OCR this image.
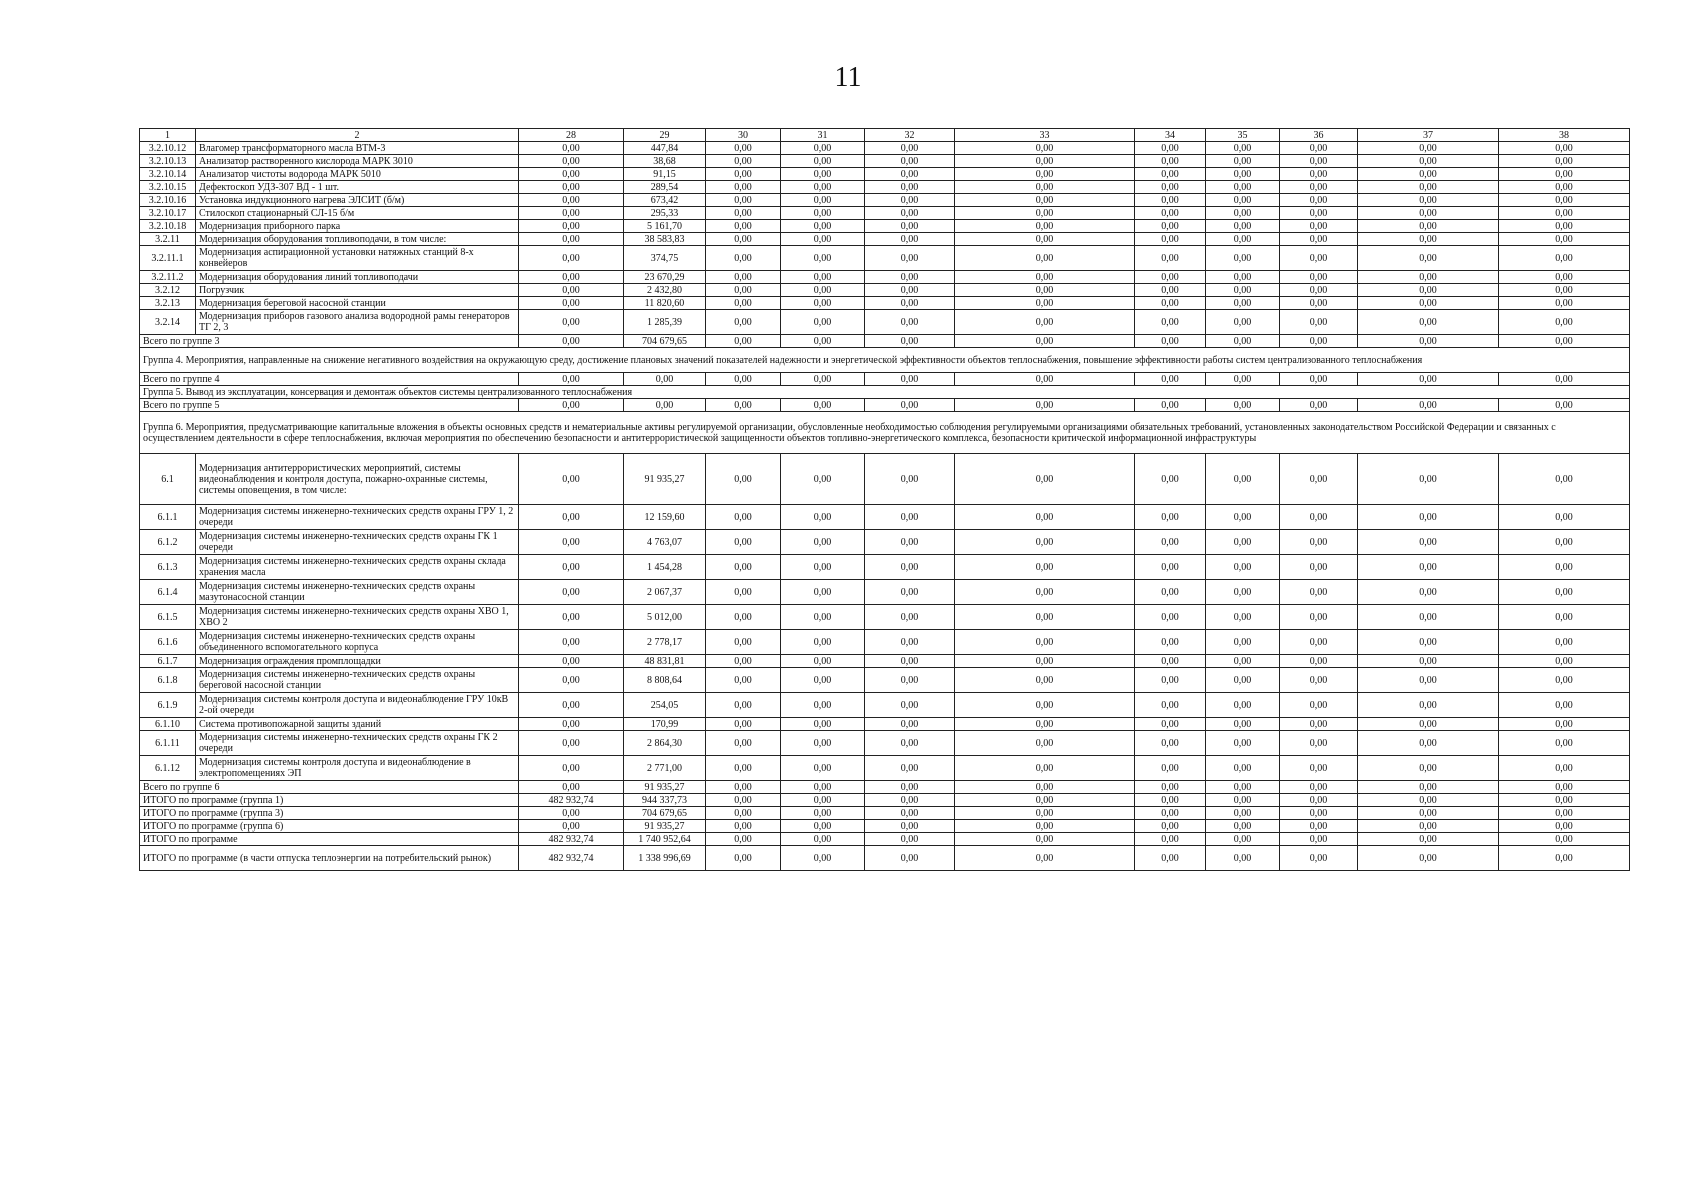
11
1	2	28	29	30	31	32	33	34	35	36	37	38
3.2.10.12	Влагомер трансформаторного масла ВТМ-3	0,00	447,84	0,00	0,00	0,00	0,00	0,00	0,00	0,00	0,00	0,00
3.2.10.13	Анализатор растворенного кислорода МАРК 3010	0,00	38,68	0,00	0,00	0,00	0,00	0,00	0,00	0,00	0,00	0,00
3.2.10.14	Анализатор чистоты водорода МАРК 5010	0,00	91,15	0,00	0,00	0,00	0,00	0,00	0,00	0,00	0,00	0,00
3.2.10.15	Дефектоскоп УДЗ-307 ВД - 1 шт.	0,00	289,54	0,00	0,00	0,00	0,00	0,00	0,00	0,00	0,00	0,00
3.2.10.16	Установка индукционного нагрева ЭЛСИТ (б/м)	0,00	673,42	0,00	0,00	0,00	0,00	0,00	0,00	0,00	0,00	0,00
3.2.10.17	Стилоскоп стационарный СЛ-15 б/м	0,00	295,33	0,00	0,00	0,00	0,00	0,00	0,00	0,00	0,00	0,00
3.2.10.18	Модернизация приборного парка	0,00	5 161,70	0,00	0,00	0,00	0,00	0,00	0,00	0,00	0,00	0,00
3.2.11	Модернизация оборудования топливоподачи, в том числе:	0,00	38 583,83	0,00	0,00	0,00	0,00	0,00	0,00	0,00	0,00	0,00
3.2.11.1	Модернизация аспирационной установки натяжных станций 8-х конвейеров	0,00	374,75	0,00	0,00	0,00	0,00	0,00	0,00	0,00	0,00	0,00
3.2.11.2	Модернизация оборудования линий топливоподачи	0,00	23 670,29	0,00	0,00	0,00	0,00	0,00	0,00	0,00	0,00	0,00
3.2.12	Погрузчик	0,00	2 432,80	0,00	0,00	0,00	0,00	0,00	0,00	0,00	0,00	0,00
3.2.13	Модернизация береговой насосной станции	0,00	11 820,60	0,00	0,00	0,00	0,00	0,00	0,00	0,00	0,00	0,00
3.2.14	Модернизация приборов газового анализа водородной рамы генераторов ТГ 2, 3	0,00	1 285,39	0,00	0,00	0,00	0,00	0,00	0,00	0,00	0,00	0,00
Всего по группе 3		0,00	704 679,65	0,00	0,00	0,00	0,00	0,00	0,00	0,00	0,00	0,00
Группа 4. Мероприятия, направленные на снижение негативного воздействия на окружающую среду, достижение плановых значений показателей надежности и энергетической эффективности объектов теплоснабжения, повышение эффективности работы систем централизованного теплоснабжения												
Всего по группе 4		0,00	0,00	0,00	0,00	0,00	0,00	0,00	0,00	0,00	0,00	0,00
Группа 5. Вывод из эксплуатации, консервация и демонтаж объектов системы централизованного теплоснабжения												
Всего по группе 5		0,00	0,00	0,00	0,00	0,00	0,00	0,00	0,00	0,00	0,00	0,00
Группа 6. Мероприятия, предусматривающие капитальные вложения в объекты основных средств и нематериальные активы регулируемой организации, обусловленные необходимостью соблюдения регулируемыми организациями обязательных требований, установленных законодательством Российской Федерации и связанных с осуществлением деятельности в сфере теплоснабжения, включая мероприятия по обеспечению безопасности и антитеррористической защищенности объектов топливно-энергетического комплекса, безопасности критической информационной инфраструктуры												
6.1	Модернизация антитеррористических мероприятий, системы видеонаблюдения и контроля доступа, пожарно-охранные системы, системы оповещения, в том числе:	0,00	91 935,27	0,00	0,00	0,00	0,00	0,00	0,00	0,00	0,00	0,00
6.1.1	Модернизация системы инженерно-технических средств охраны ГРУ 1, 2 очереди	0,00	12 159,60	0,00	0,00	0,00	0,00	0,00	0,00	0,00	0,00	0,00
6.1.2	Модернизация системы инженерно-технических средств охраны ГК 1 очереди	0,00	4 763,07	0,00	0,00	0,00	0,00	0,00	0,00	0,00	0,00	0,00
6.1.3	Модернизация системы инженерно-технических средств охраны склада хранения масла	0,00	1 454,28	0,00	0,00	0,00	0,00	0,00	0,00	0,00	0,00	0,00
6.1.4	Модернизация системы инженерно-технических средств охраны мазутонасосной станции	0,00	2 067,37	0,00	0,00	0,00	0,00	0,00	0,00	0,00	0,00	0,00
6.1.5	Модернизация системы инженерно-технических средств охраны ХВО 1, ХВО 2	0,00	5 012,00	0,00	0,00	0,00	0,00	0,00	0,00	0,00	0,00	0,00
6.1.6	Модернизация системы инженерно-технических средств охраны объединенного вспомогательного корпуса	0,00	2 778,17	0,00	0,00	0,00	0,00	0,00	0,00	0,00	0,00	0,00
6.1.7	Модернизация ограждения промплощадки	0,00	48 831,81	0,00	0,00	0,00	0,00	0,00	0,00	0,00	0,00	0,00
6.1.8	Модернизация системы инженерно-технических средств охраны береговой насосной станции	0,00	8 808,64	0,00	0,00	0,00	0,00	0,00	0,00	0,00	0,00	0,00
6.1.9	Модернизация системы контроля доступа и видеонаблюдение ГРУ 10кВ 2-ой очереди	0,00	254,05	0,00	0,00	0,00	0,00	0,00	0,00	0,00	0,00	0,00
6.1.10	Система противопожарной защиты зданий	0,00	170,99	0,00	0,00	0,00	0,00	0,00	0,00	0,00	0,00	0,00
6.1.11	Модернизация системы инженерно-технических средств охраны ГК 2 очереди	0,00	2 864,30	0,00	0,00	0,00	0,00	0,00	0,00	0,00	0,00	0,00
6.1.12	Модернизация системы контроля доступа и видеонаблюдение в электропомещениях ЭП	0,00	2 771,00	0,00	0,00	0,00	0,00	0,00	0,00	0,00	0,00	0,00
Всего по группе 6		0,00	91 935,27	0,00	0,00	0,00	0,00	0,00	0,00	0,00	0,00	0,00
ИТОГО по программе (группа 1)		482 932,74	944 337,73	0,00	0,00	0,00	0,00	0,00	0,00	0,00	0,00	0,00
ИТОГО по программе (группа 3)		0,00	704 679,65	0,00	0,00	0,00	0,00	0,00	0,00	0,00	0,00	0,00
ИТОГО по программе (группа 6)		0,00	91 935,27	0,00	0,00	0,00	0,00	0,00	0,00	0,00	0,00	0,00
ИТОГО по программе		482 932,74	1 740 952,64	0,00	0,00	0,00	0,00	0,00	0,00	0,00	0,00	0,00
ИТОГО по программе (в части отпуска теплоэнергии на потребительский рынок)		482 932,74	1 338 996,69	0,00	0,00	0,00	0,00	0,00	0,00	0,00	0,00	0,00
